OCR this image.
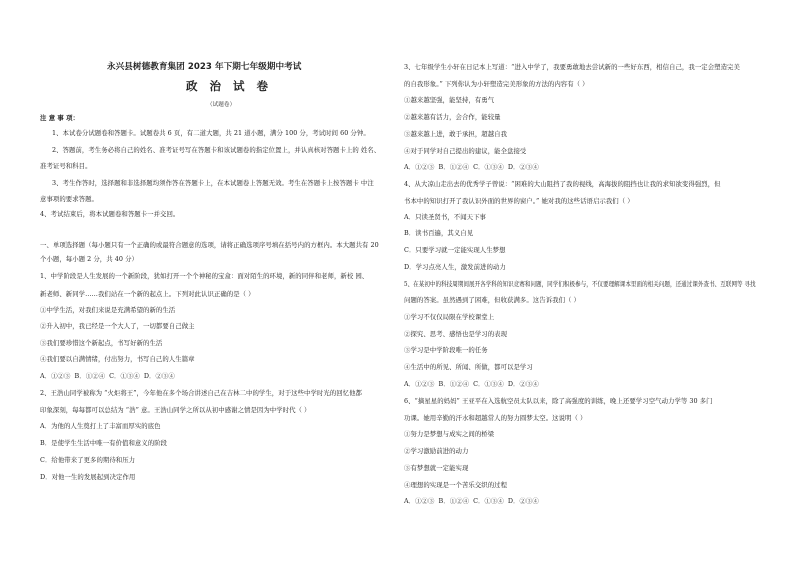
永兴县树德教育集团 2023 年下期七年级期中考试
政 治 试 卷
（试题卷）
注 意 事 项：
1、本试卷分试题卷和答题卡。试题卷共 6 页，有二道大题，共 21 道小题，满分 100 分，考试时间 60 分钟。
2、答题前，考生务必将自己的姓名、准考证号写在答题卡和该试题卷的指定位置上，并认真核对答题卡上的 姓名、
准考证号和科目。
3、考生作答时，选择题和非选择题均须作答在答题卡上，在本试题卷上答题无效。考生在答题卡上按答题卡 中注
意事项的要求答题。
4、考试结束后，将本试题卷和答题卡一并交回。
一、单项选择题（每小题只有一个正确的或最符合题意的选项，请将正确选项序号填在括号内的方框内。本大题共有 20
个小题，每小题 2 分，共 40 分）
1、中学阶段是人生发展的一个新阶段，犹如打开一个个神秘的宝盒：面对陌生的环境，新的同伴和老师，新校 园、
新老师、新同学……我们站在一个新的起点上。下列对此认识正确的是（ ）
①中学生活，对我们来说是充满希望的新的生活
②升入初中，我已经是一个大人了，一切都要自己做主
③我们要珍惜这个新起点，书写好新的生活
④我们要以自满情绪，付出努力，书写自己的人生篇章
A．①②③ B．①②④ C．①③④ D．②③④
2、王浩山同学被称为 “火炬将王”，今年他在多个场合讲述自己在吉林二中的学生，对于这些中学时光的回忆他都
印象深刻，每每都可以总结为 “浩” 意。王浩山同学之所以从初中感谢之情是因为中学时代（ ）
A．为他的人生奠打上了丰富而厚实的底色
B．是使学生生活中唯一有价值和意义的阶段
C．给他带来了更多的期待和压力
D．对他一生的发展起到决定作用
3、七年级学生小轩在日记本上写道：“进入中学了，我要勇敢地去尝试新的一些好东西，相信自己，我一定会塑造完美
的自我形象。” 下列你认为小轩塑造完美形象的方法的内容有（ ）
①越来越坚强，能坚持，有勇气
②越来越有活力，会合作，能较量
③越来越上进，敢于承担，超越自我
④对于同学对自己提出的建议，能全盘接受
A．①②③ B．①②④ C．①③④ D．②③④
4、从大凉山走出去的优秀学子曾说：“困难的大山阻挡了我的视线，高海拔的阻挡也让我的求知欲变得强烈，但
书本中的知识打开了我认识外面的世界的窗户。” 她对我的这些话语启示我们（ ）
A．只读圣贤书，不闻天下事
B．读书百遍，其义自见
C．只要学习就一定能实现人生梦想
D．学习点亮人生，激发前进的动力
5、在某初中的科技周期间展开各学科的知识竞赛和问题，同学们积极参与，不仅要理解课本里面的相关问题，还通过课外查书、互联网等 寻找
问题的答案。虽然遇到了困难，但收获满多。这告诉我们（ ）
①学习不仅仅局限在学校课堂上
②探究、思考、感悟也是学习的表现
③学习是中学阶段唯一的任务
④生活中的所见、所闻、所做，都可以是学习
A．①②③ B．①②④ C．①③④ D．②③④
6、“摘星星的妈妈” 王亚平在入选航空员太队以来，除了高强度的训练，晚上还要学习空气动力学等 30 多门
功课。她用辛勤的汗水和超越常人的努力圆梦太空。这说明（ ）
①努力是梦想与成实之间的桥梁
②学习激励前进的动力
③有梦想就一定能实现
④理想的实现是一个苦乐交织的过程
A．①②③ B．①②④ C．①③④ D．②③④
